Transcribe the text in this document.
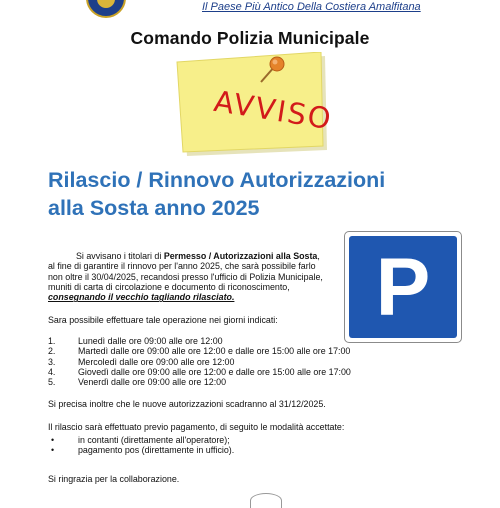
Il Paese Più Antico Della Costiera Amalfitana
Comando Polizia Municipale
AVVISO
Rilascio / Rinnovo Autorizzazioni
alla Sosta anno 2025
P

Si avvisano i titolari di Permesso / Autorizzazioni alla Sosta,

al fine di garantire il rinnovo per l'anno 2025, che sarà possibile farlo

non oltre il 30/04/2025, recandosi presso l'ufficio di Polizia Municipale,

muniti di carta di circolazione e documento di riconoscimento,

consegnando il vecchio tagliando rilasciato.

Sara possibile effettuare tale operazione nei giorni indicati:

1.	Lunedì dalle ore 09:00 alle ore 12:00
2.	Martedì dalle ore 09:00 alle ore 12:00 e dalle ore 15:00 alle ore 17:00
3.	Mercoledì dalle ore 09:00 alle ore 12:00
4.	Giovedì dalle ore 09:00 alle ore 12:00 e dalle ore 15:00 alle ore 17:00
5.	Venerdì dalle ore 09:00 alle ore 12:00

Si precisa inoltre che le nuove autorizzazioni scadranno al 31/12/2025.

Il rilascio sarà effettuato previo pagamento, di seguito le modalità accettate:

•	in contanti (direttamente all'operatore);
•	pagamento pos (direttamente in ufficio).

Si ringrazia per la collaborazione.
